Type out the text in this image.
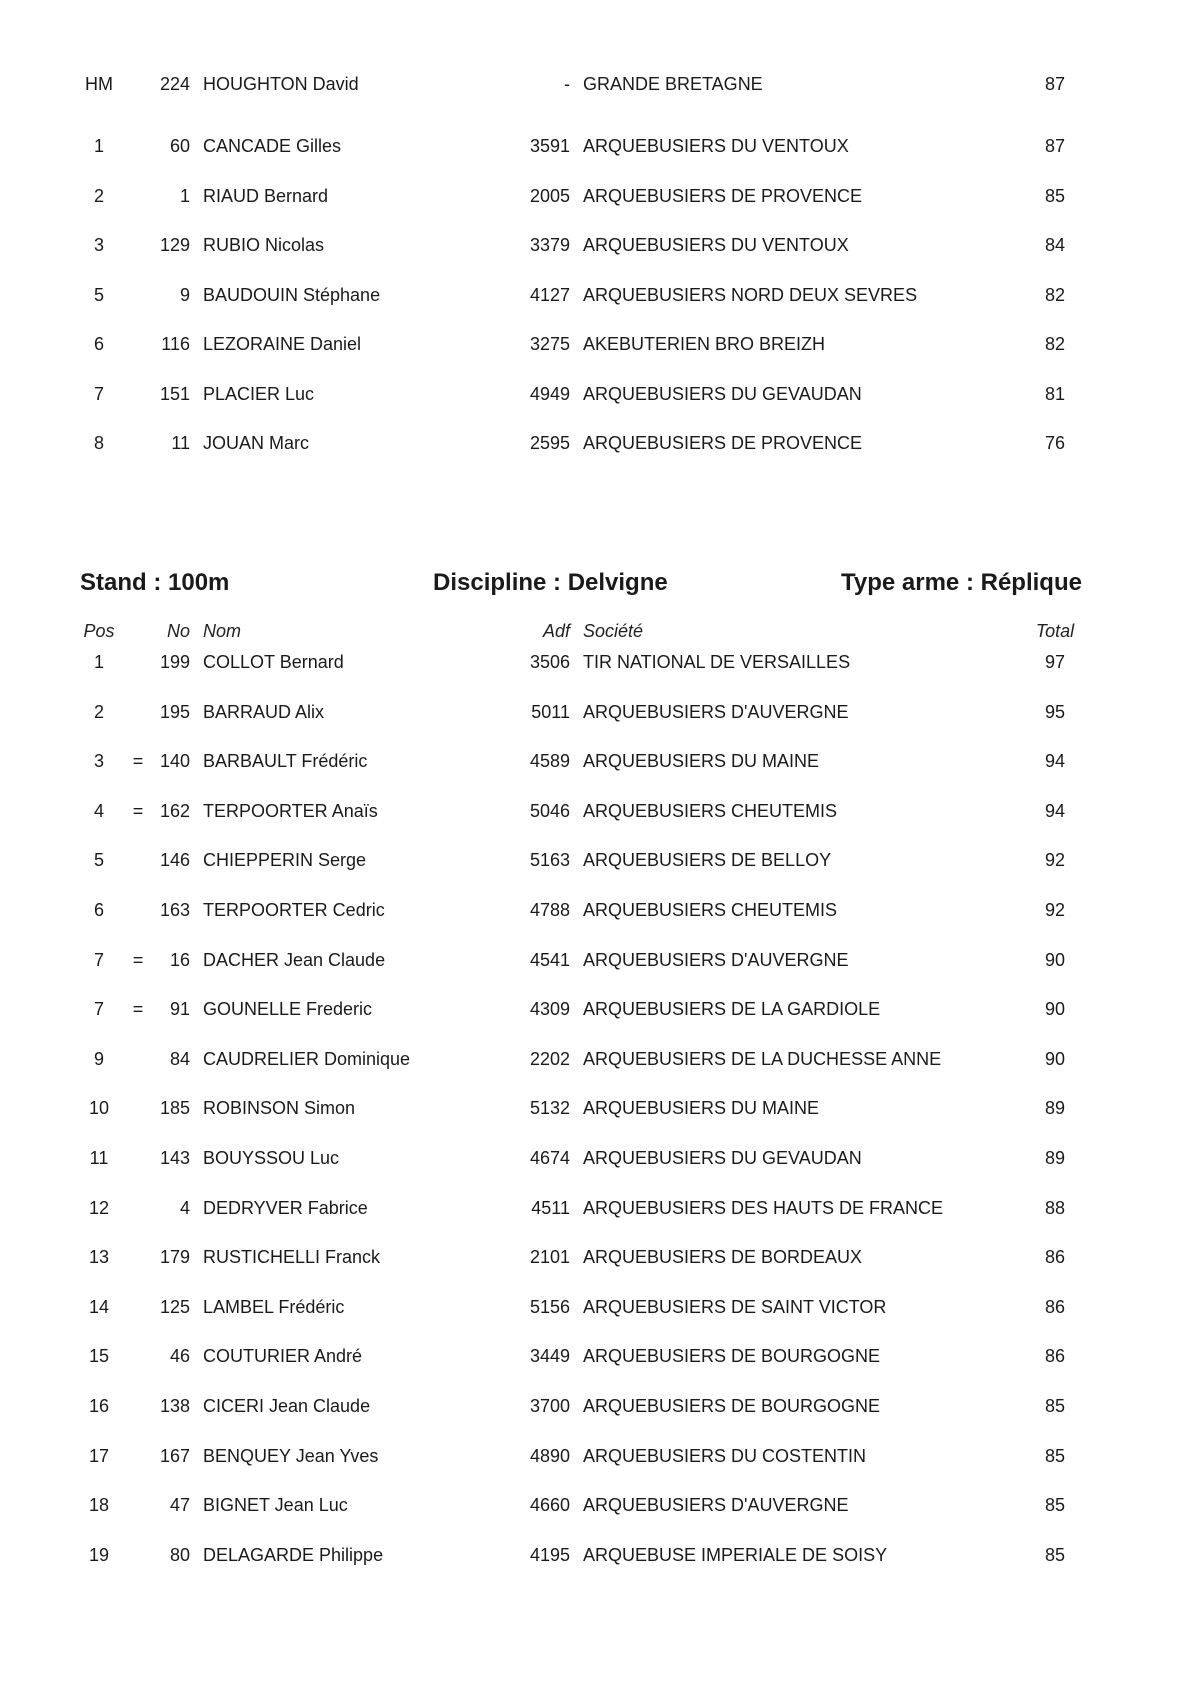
HM	224 HOUGHTON David	- GRANDE BRETAGNE	87
1	60 CANCADE Gilles	3591 ARQUEBUSIERS DU VENTOUX	87
2	1 RIAUD Bernard	2005 ARQUEBUSIERS DE PROVENCE	85
3	129 RUBIO Nicolas	3379 ARQUEBUSIERS DU VENTOUX	84
5	9 BAUDOUIN Stéphane	4127 ARQUEBUSIERS NORD DEUX SEVRES	82
6	116 LEZORAINE Daniel	3275 AKEBUTERIEN BRO BREIZH	82
7	151 PLACIER Luc	4949 ARQUEBUSIERS DU GEVAUDAN	81
8	11 JOUAN Marc	2595 ARQUEBUSIERS DE PROVENCE	76
Stand : 100m	Discipline : Delvigne	Type arme : Réplique
Pos	No Nom	Adf Société	Total
1	199 COLLOT Bernard	3506 TIR NATIONAL DE VERSAILLES	97
2	195 BARRAUD Alix	5011 ARQUEBUSIERS D'AUVERGNE	95
3	= 140 BARBAULT Frédéric	4589 ARQUEBUSIERS DU MAINE	94
4	= 162 TERPOORTER Anaïs	5046 ARQUEBUSIERS CHEUTEMIS	94
5	146 CHIEPPERIN Serge	5163 ARQUEBUSIERS DE BELLOY	92
6	163 TERPOORTER Cedric	4788 ARQUEBUSIERS CHEUTEMIS	92
7	=	16 DACHER Jean Claude	4541 ARQUEBUSIERS D'AUVERGNE	90
7	=	91 GOUNELLE Frederic	4309 ARQUEBUSIERS DE LA GARDIOLE	90
9	84 CAUDRELIER Dominique	2202 ARQUEBUSIERS DE LA DUCHESSE ANNE	90
10	185 ROBINSON Simon	5132 ARQUEBUSIERS DU MAINE	89
11	143 BOUYSSOU Luc	4674 ARQUEBUSIERS DU GEVAUDAN	89
12	4 DEDRYVER Fabrice	4511 ARQUEBUSIERS DES HAUTS DE FRANCE	88
13	179 RUSTICHELLI Franck	2101 ARQUEBUSIERS DE BORDEAUX	86
14	125 LAMBEL Frédéric	5156 ARQUEBUSIERS DE SAINT VICTOR	86
15	46 COUTURIER André	3449 ARQUEBUSIERS DE BOURGOGNE	86
16	138 CICERI Jean Claude	3700 ARQUEBUSIERS DE BOURGOGNE	85
17	167 BENQUEY Jean Yves	4890 ARQUEBUSIERS DU COSTENTIN	85
18	47 BIGNET Jean Luc	4660 ARQUEBUSIERS D'AUVERGNE	85
19	80 DELAGARDE Philippe	4195 ARQUEBUSE IMPERIALE DE SOISY	85
